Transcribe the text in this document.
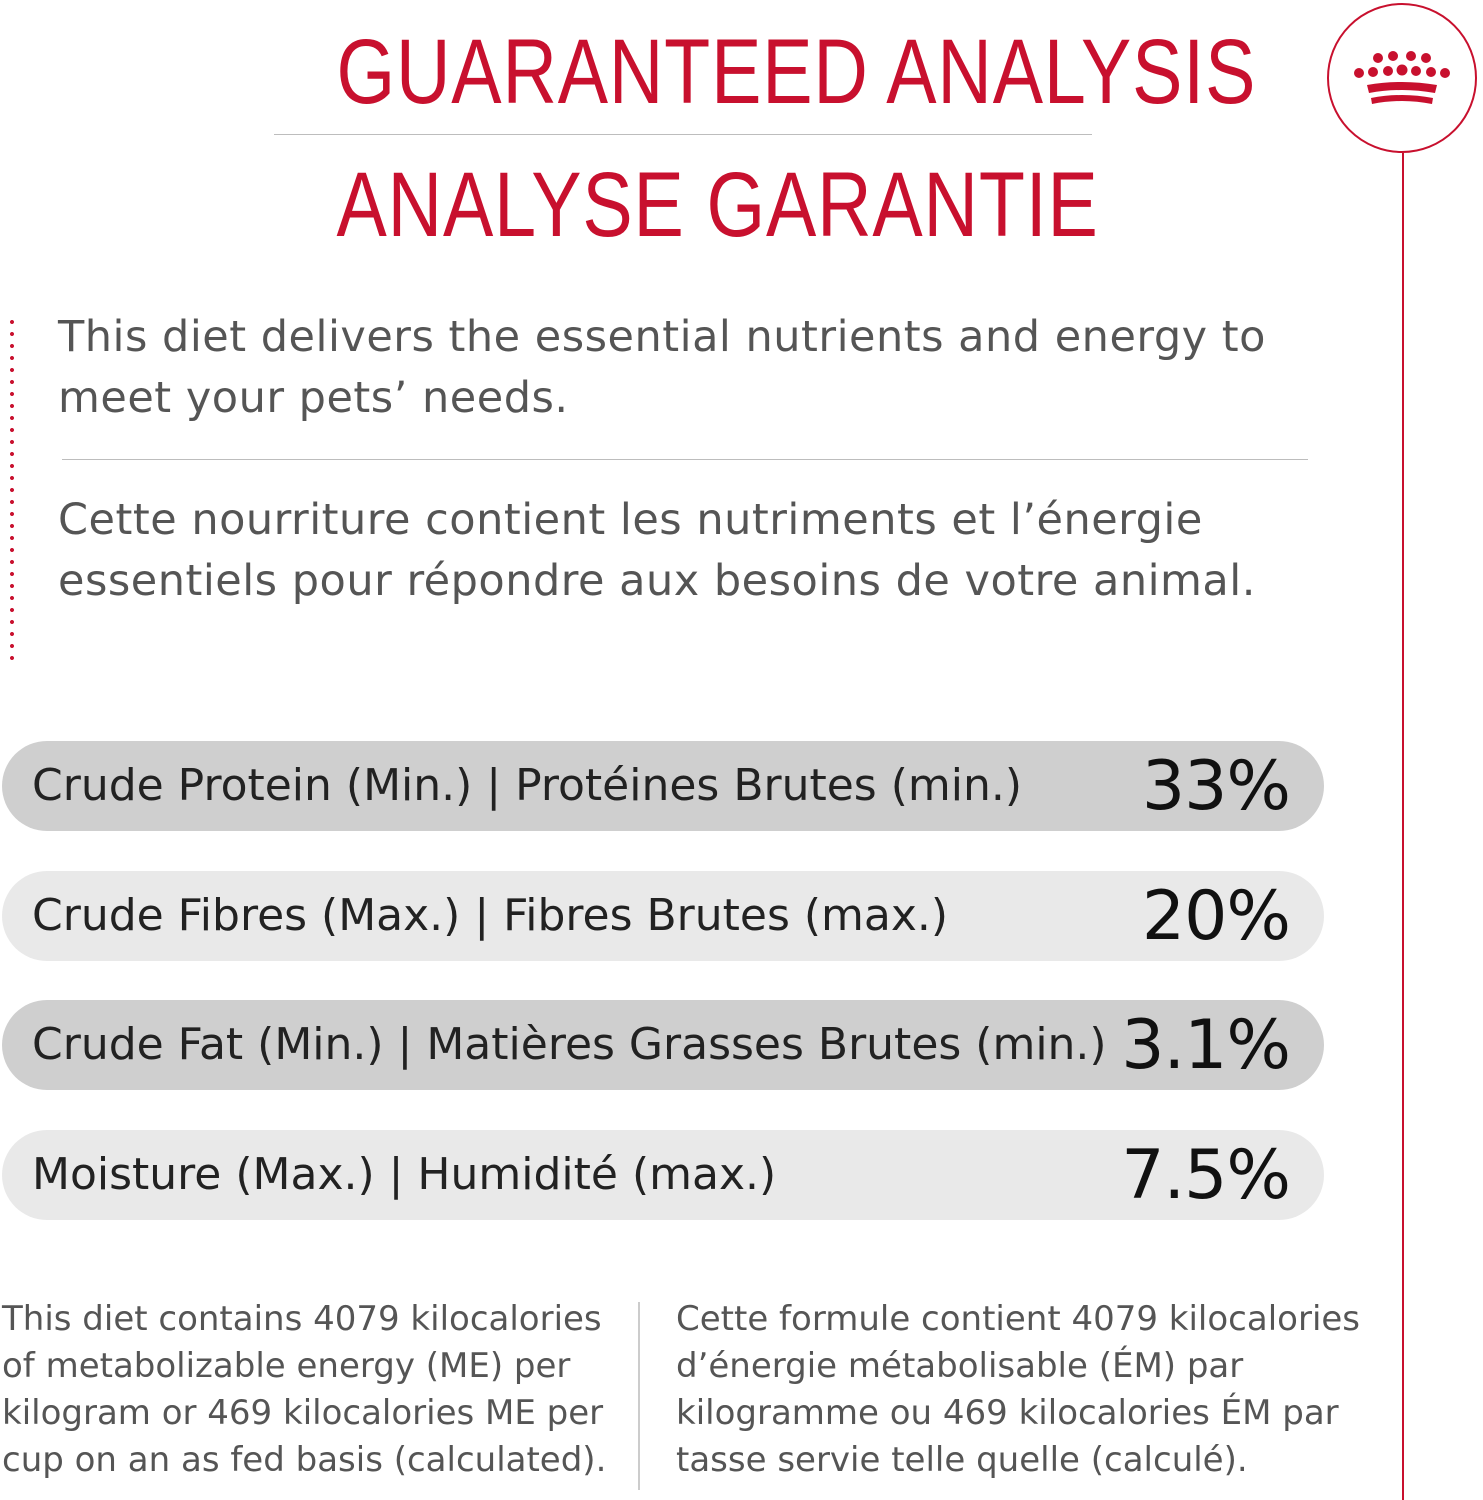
GUARANTEED ANALYSIS
ANALYSE GARANTIE
This diet delivers the essential nutrients and energy to meet your pets’ needs.
Cette nourriture contient les nutriments et l’énergie essentiels pour répondre aux besoins de votre animal.
Crude Protein (Min.) | Protéines Brutes (min.) 33%
Crude Fibres (Max.) | Fibres Brutes (max.)	20%
Crude Fat (Min.) | Matières Grasses Brutes (min.) 3.1%
Moisture (Max.) | Humidité (max.)	7.5%
This diet contains 4079 kilocalories of metabolizable energy (ME) per kilogram or 469 kilocalories ME per cup on an as fed basis (calculated).
Cette formule contient 4079 kilocalories d’énergie métabolisable (ÉM) par kilogramme ou 469 kilocalories ÉM par tasse servie telle quelle (calculé).
